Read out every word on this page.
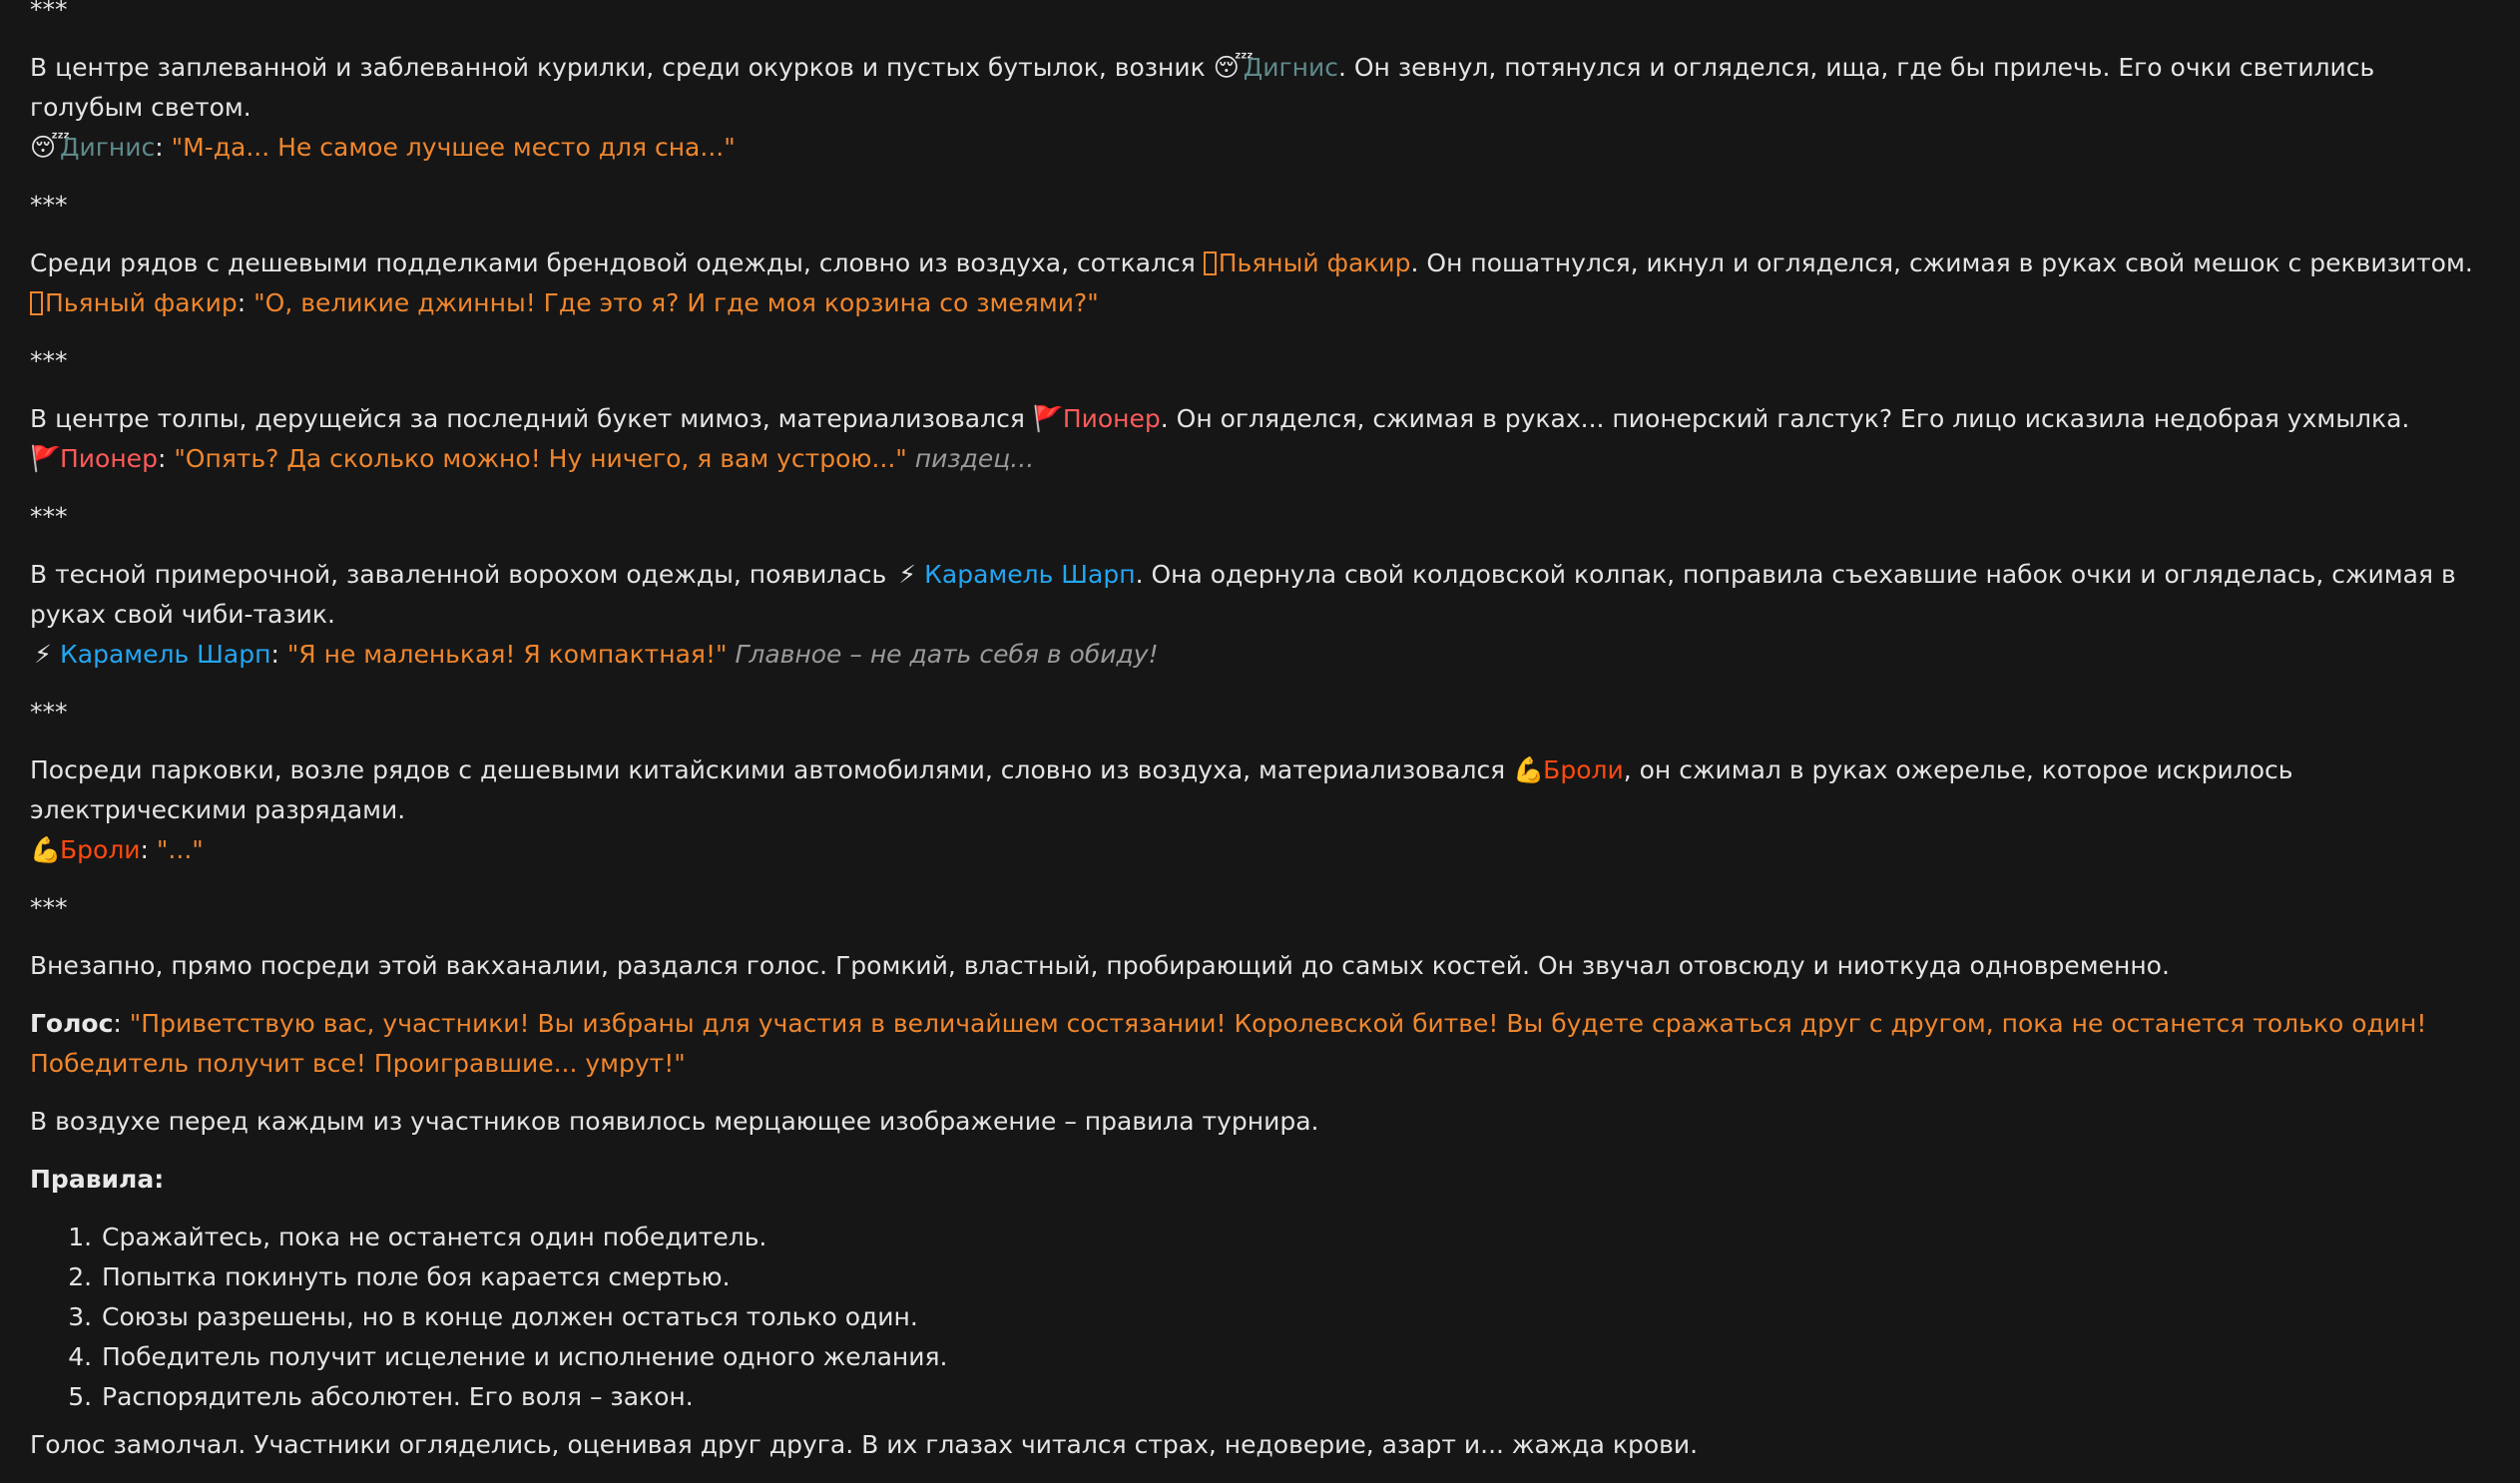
***

В центре заплеванной и заблеванной курилки, среди окурков и пустых бутылок, возник 😴Дигнис. Он зевнул, потянулся и огляделся, ища, где бы прилечь. Его очки светились голубым светом.

😴Дигнис: "М-да... Не самое лучшее место для сна..."

***

Среди рядов с дешевыми подделками брендовой одежды, словно из воздуха, соткался Пьяный факир. Он пошатнулся, икнул и огляделся, сжимая в руках свой мешок с реквизитом.

Пьяный факир: "О, великие джинны! Где это я? И где моя корзина со змеями?"

***

В центре толпы, дерущейся за последний букет мимоз, материализовался 🚩Пионер. Он огляделся, сжимая в руках... пионерский галстук? Его лицо исказила недобрая ухмылка.

🚩Пионер: "Опять? Да сколько можно! Ну ничего, я вам устрою..." пиздец...

***

В тесной примерочной, заваленной ворохом одежды, появилась ⚡ Карамель Шарп. Она одернула свой колдовской колпак, поправила съехавшие набок очки и огляделась, сжимая в руках свой чиби-тазик.

⚡ Карамель Шарп: "Я не маленькая! Я компактная!" Главное – не дать себя в обиду!

***

Посреди парковки, возле рядов с дешевыми китайскими автомобилями, словно из воздуха, материализовался 💪Броли, он сжимал в руках ожерелье, которое искрилось электрическими разрядами.

💪Броли: "..."

***

Внезапно, прямо посреди этой вакханалии, раздался голос. Громкий, властный, пробирающий до самых костей. Он звучал отовсюду и ниоткуда одновременно.

Голос: "Приветствую вас, участники! Вы избраны для участия в величайшем состязании! Королевской битве! Вы будете сражаться друг с другом, пока не останется только один! Победитель получит все! Проигравшие... умрут!"

В воздухе перед каждым из участников появилось мерцающее изображение – правила турнира.

Правила:

1. Сражайтесь, пока не останется один победитель.
2. Попытка покинуть поле боя карается смертью.
3. Союзы разрешены, но в конце должен остаться только один.
4. Победитель получит исцеление и исполнение одного желания.
5. Распорядитель абсолютен. Его воля – закон.

Голос замолчал. Участники огляделись, оценивая друг друга. В их глазах читался страх, недоверие, азарт и... жажда крови.
